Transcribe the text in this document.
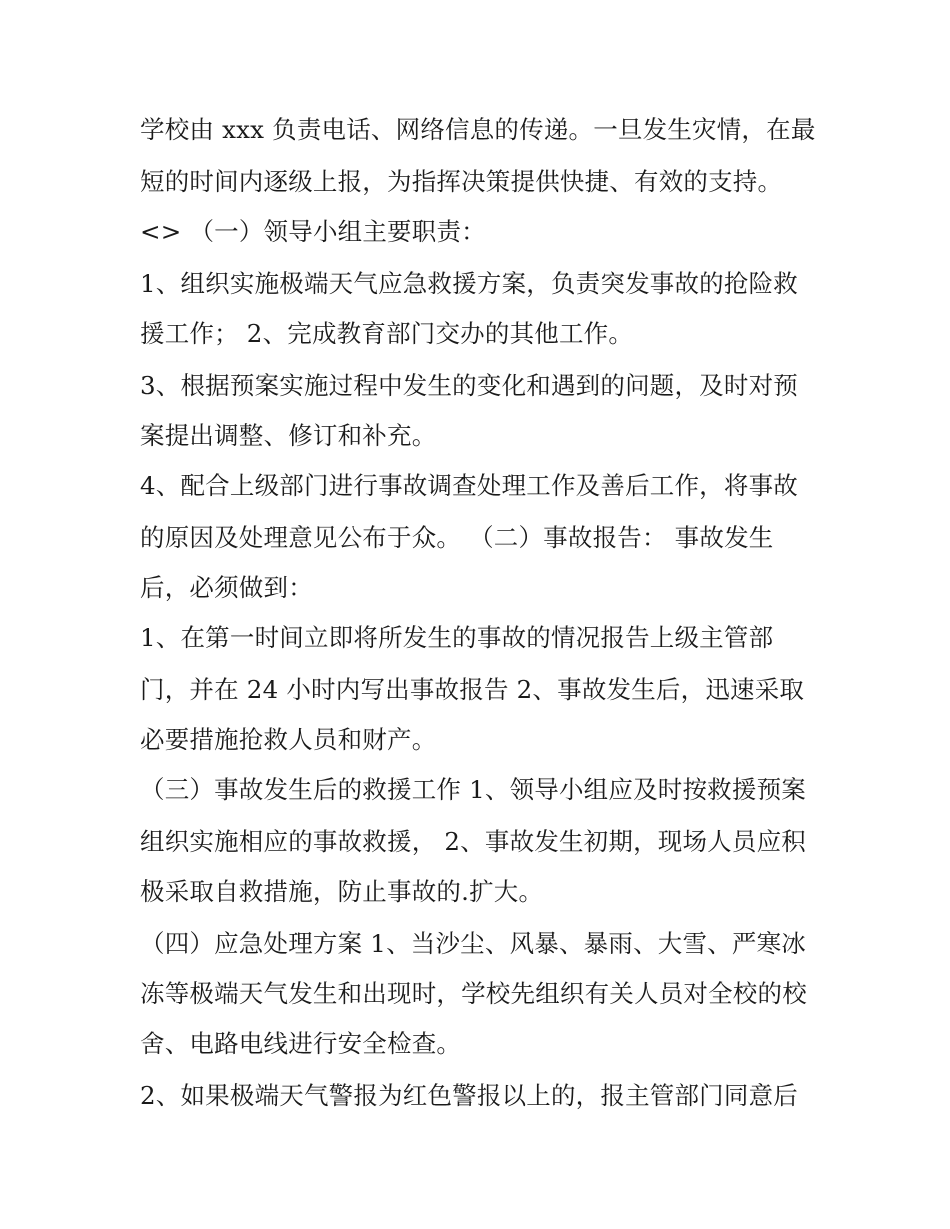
学校由 xxx 负责电话、网络信息的传递。一旦发生灾情，在最
短的时间内逐级上报，为指挥决策提供快捷、有效的支持。
<> （一）领导小组主要职责：
1、组织实施极端天气应急救援方案，负责突发事故的抢险救
援工作； 2、完成教育部门交办的其他工作。
3、根据预案实施过程中发生的变化和遇到的问题，及时对预
案提出调整、修订和补充。
4、配合上级部门进行事故调查处理工作及善后工作，将事故
的原因及处理意见公布于众。 （二）事故报告： 事故发生
后，必须做到：
1、在第一时间立即将所发生的事故的情况报告上级主管部
门，并在 24 小时内写出事故报告 2、事故发生后，迅速采取
必要措施抢救人员和财产。
（三）事故发生后的救援工作 1、领导小组应及时按救援预案
组织实施相应的事故救援， 2、事故发生初期，现场人员应积
极采取自救措施，防止事故的.扩大。
（四）应急处理方案 1、当沙尘、风暴、暴雨、大雪、严寒冰
冻等极端天气发生和出现时，学校先组织有关人员对全校的校
舍、电路电线进行安全检查。
2、如果极端天气警报为红色警报以上的，报主管部门同意后
